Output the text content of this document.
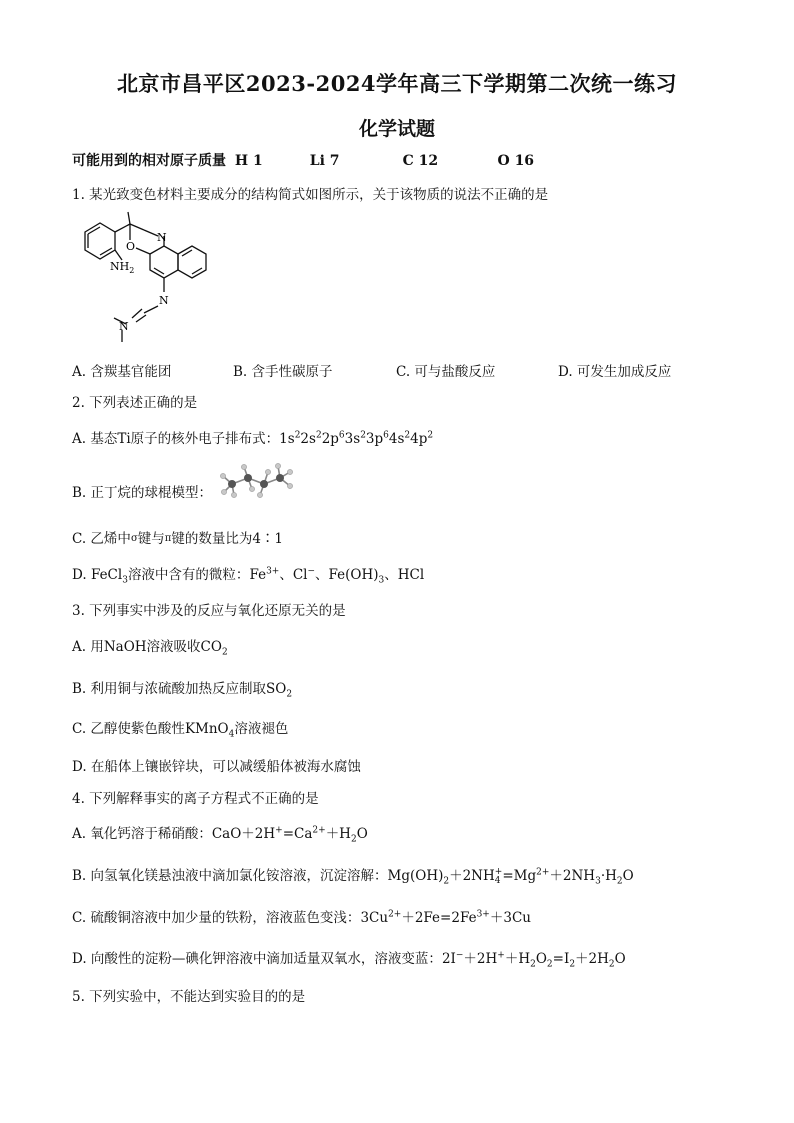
北京市昌平区2023-2024学年高三下学期第二次统一练习
化学试题
可能用到的相对原子质量 H 1	Li 7	C 12	O 16
1. 某光致变色材料主要成分的结构简式如图所示，关于该物质的说法不正确的是
N
O
$NH_2$
N
N
A. 含羰基官能团	B. 含手性碳原子	C. 可与盐酸反应	D. 可发生加成反应
2. 下列表述正确的是
A. 基态Ti原子的核外电子排布式：$1s^22s^22p^63s^23p^64s^24p^2$
B. 正丁烷的球棍模型：
C. 乙烯中σ键与π键的数量比为4∶1
D. FeCl$_3$溶液中含有的微粒：$Fe^{3+}$、Cl−、$Fe(OH)_3$、HCl
3. 下列事实中涉及的反应与氧化还原无关的是
A. 用NaOH溶液吸收$CO_2$
B. 利用铜与浓硫酸加热反应制取$SO_2$
C. 乙醇使紫色酸性KMnO$_4$溶液褪色
D. 在船体上镶嵌锌块，可以减缓船体被海水腐蚀
4. 下列解释事实的离子方程式不正确的是
A. 氧化钙溶于稀硝酸：$CaO+2H^+=Ca^{2+}+H_2O$
B. 向氢氧化镁悬浊液中滴加氯化铵溶液，沉淀溶解：$Mg(OH)_2+2NH$ +
$4 =Mg^{2+}+2NH_3\cdot H_2O$
C. 硫酸铜溶液中加少量的铁粉，溶液蓝色变浅：$3Cu^{2+}+2Fe=2Fe^{3+}+3Cu$
D. 向酸性的淀粉—碘化钾溶液中滴加适量双氧水，溶液变蓝：$2I^-+2H^++H_2O_2=I_2+2H_2O$
5. 下列实验中，不能达到实验目的的是
